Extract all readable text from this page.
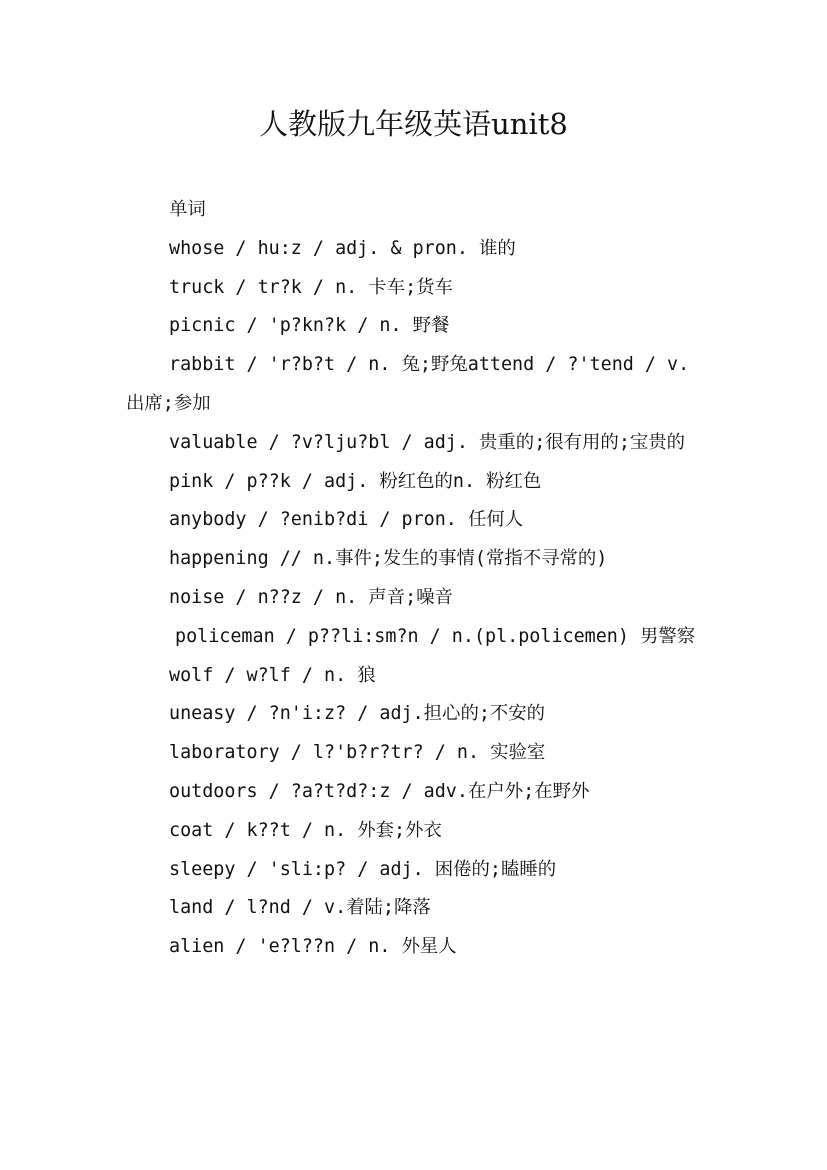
人教版九年级英语unit8

单词

whose / hu:z / adj. & pron. 谁的

truck / tr?k / n. 卡车;货车

picnic / 'p?kn?k / n. 野餐

rabbit / 'r?b?t / n. 兔;野兔attend / ?'tend / v. 出席;参加

valuable / ?v?lju?bl / adj. 贵重的;很有用的;宝贵的

pink / p??k / adj. 粉红色的n. 粉红色

anybody / ?enib?di / pron. 任何人

happening // n.事件;发生的事情(常指不寻常的)

noise / n??z / n. 声音;噪音

policeman / p??li:sm?n / n.(pl.policemen) 男警察

wolf / w?lf / n. 狼

uneasy / ?n'i:z? / adj.担心的;不安的

laboratory / l?'b?r?tr? / n. 实验室

outdoors / ?a?t?d?:z / adv.在户外;在野外

coat / k??t / n. 外套;外衣

sleepy / 'sli:p? / adj. 困倦的;瞌睡的

land / l?nd / v.着陆;降落

alien / 'e?l??n / n. 外星人
